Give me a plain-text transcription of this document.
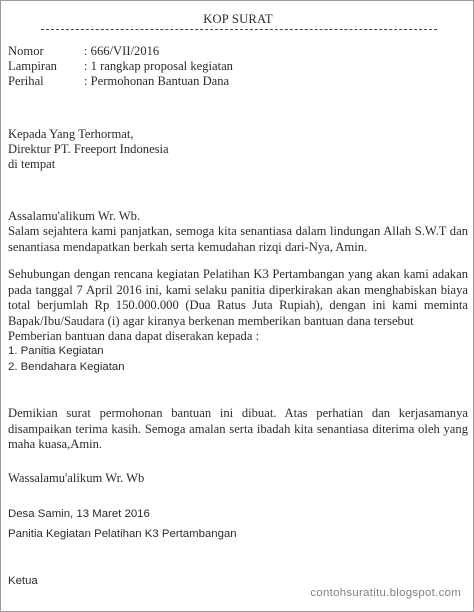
KOP SURAT
Nomor	: 666/VII/2016
Lampiran : 1 rangkap proposal kegiatan
Perihal	: Permohonan Bantuan Dana
Kepada Yang Terhormat,
Direktur PT. Freeport Indonesia
di tempat
Assalamu'alikum Wr. Wb.
Salam sejahtera kami panjatkan, semoga kita senantiasa dalam lindungan Allah S.W.T dan
senantiasa mendapatkan berkah serta kemudahan rizqi dari-Nya, Amin.
Sehubungan dengan rencana kegiatan Pelatihan K3 Pertambangan yang akan kami adakan
pada tanggal 7 April 2016 ini, kami selaku panitia diperkirakan akan menghabiskan biaya
total berjumlah Rp 150.000.000 (Dua Ratus Juta Rupiah), dengan ini kami meminta
Bapak/Ibu/Saudara (i) agar kiranya berkenan memberikan bantuan dana tersebut
Pemberian bantuan dana dapat diserakan kepada :
1. Panitia Kegiatan
2. Bendahara Kegiatan
Demikian surat permohonan bantuan ini dibuat. Atas perhatian dan kerjasamanya
disampaikan terima kasih. Semoga amalan serta ibadah kita senantiasa diterima oleh yang
maha kuasa,Amin.
Wassalamu'alikum Wr. Wb
Desa Samin, 13 Maret 2016
Panitia Kegiatan Pelatihan K3 Pertambangan
Ketua
contohsuratitu.blogspot.com
